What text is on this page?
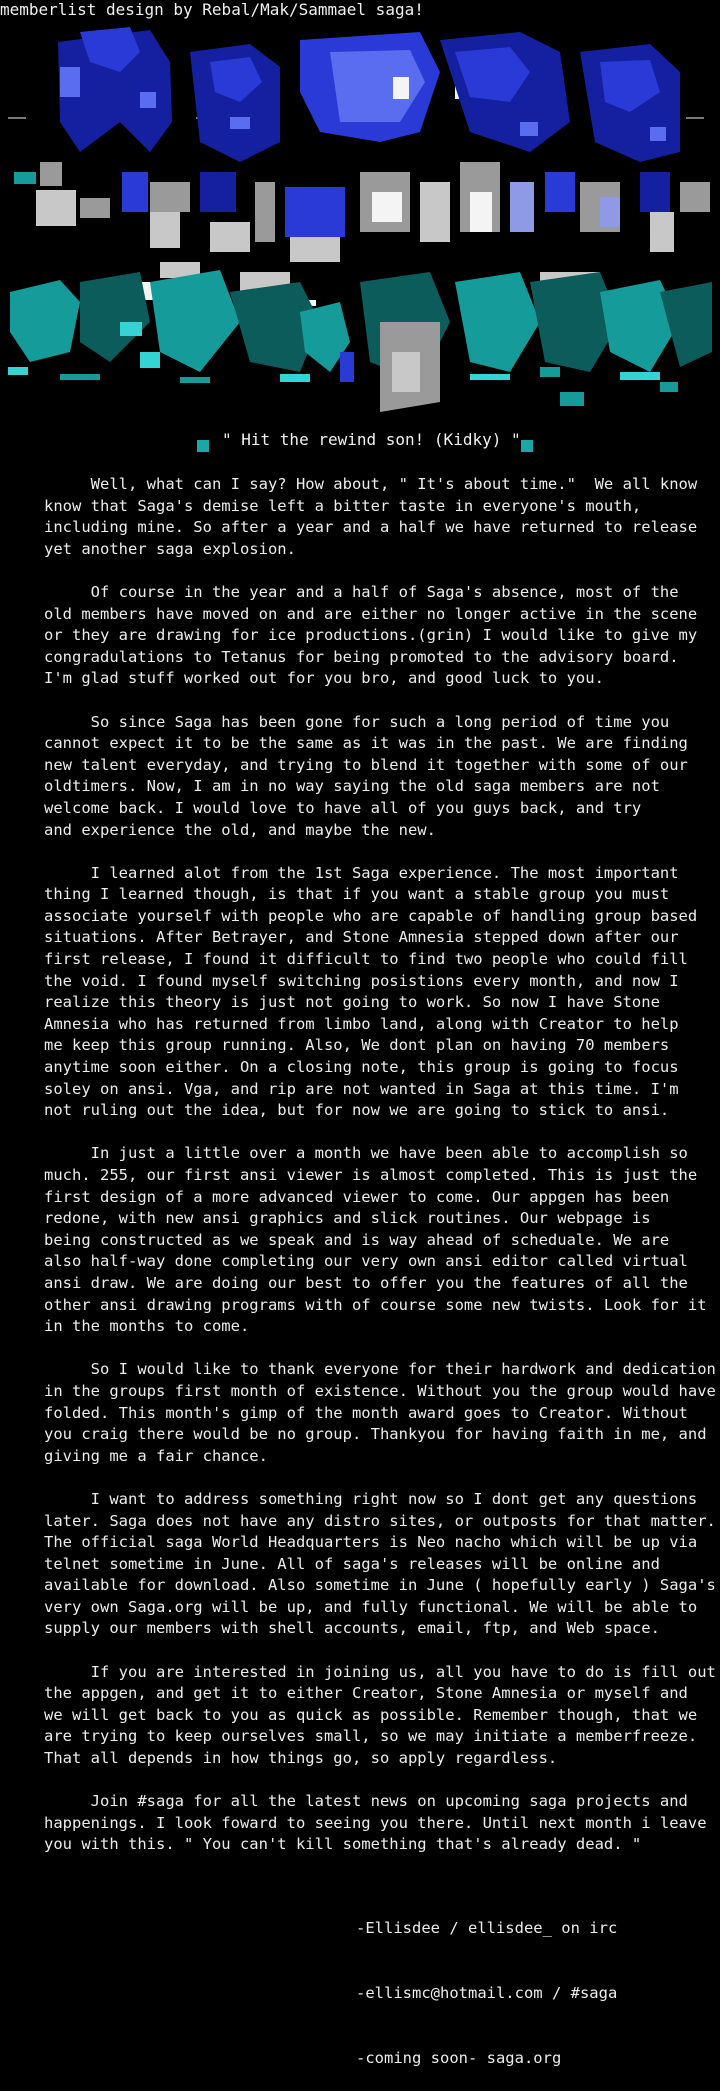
memberlist design by Rebal/Mak/Sammael saga!
" Hit the rewind son! (Kidky) "

Well, what can I say? How about, " It's about time."  We all know
know that Saga's demise left a bitter taste in everyone's mouth,
including mine. So after a year and a half we have returned to release
yet another saga explosion.

Of course in the year and a half of Saga's absence, most of the
old members have moved on and are either no longer active in the scene
or they are drawing for ice productions.(grin) I would like to give my
congradulations to Tetanus for being promoted to the advisory board.
I'm glad stuff worked out for you bro, and good luck to you.

So since Saga has been gone for such a long period of time you
cannot expect it to be the same as it was in the past. We are finding
new talent everyday, and trying to blend it together with some of our
oldtimers. Now, I am in no way saying the old saga members are not
welcome back. I would love to have all of you guys back, and try
and experience the old, and maybe the new.

I learned alot from the 1st Saga experience. The most important
thing I learned though, is that if you want a stable group you must
associate yourself with people who are capable of handling group based
situations. After Betrayer, and Stone Amnesia stepped down after our
first release, I found it difficult to find two people who could fill
the void. I found myself switching posistions every month, and now I
realize this theory is just not going to work. So now I have Stone
Amnesia who has returned from limbo land, along with Creator to help
me keep this group running. Also, We dont plan on having 70 members
anytime soon either. On a closing note, this group is going to focus
soley on ansi. Vga, and rip are not wanted in Saga at this time. I'm
not ruling out the idea, but for now we are going to stick to ansi.

In just a little over a month we have been able to accomplish so
much. 255, our first ansi viewer is almost completed. This is just the
first design of a more advanced viewer to come. Our appgen has been
redone, with new ansi graphics and slick routines. Our webpage is
being constructed as we speak and is way ahead of scheduale. We are
also half-way done completing our very own ansi editor called virtual
ansi draw. We are doing our best to offer you the features of all the
other ansi drawing programs with of course some new twists. Look for it
in the months to come.

So I would like to thank everyone for their hardwork and dedication
in the groups first month of existence. Without you the group would have
folded. This month's gimp of the month award goes to Creator. Without
you craig there would be no group. Thankyou for having faith in me, and
giving me a fair chance.

I want to address something right now so I dont get any questions
later. Saga does not have any distro sites, or outposts for that matter.
The official saga World Headquarters is Neo nacho which will be up via
telnet sometime in June. All of saga's releases will be online and
available for download. Also sometime in June ( hopefully early ) Saga's
very own Saga.org will be up, and fully functional. We will be able to
supply our members with shell accounts, email, ftp, and Web space.

If you are interested in joining us, all you have to do is fill out
the appgen, and get it to either Creator, Stone Amnesia or myself and
we will get back to you as quick as possible. Remember though, that we
are trying to keep ourselves small, so we may initiate a memberfreeze.
That all depends in how things go, so apply regardless.

Join #saga for all the latest news on upcoming saga projects and
happenings. I look foward to seeing you there. Until next month i leave
you with this. " You can't kill something that's already dead. "

-Ellisdee / ellisdee_ on irc

-ellismc@hotmail.com / #saga

-coming soon- saga.org
